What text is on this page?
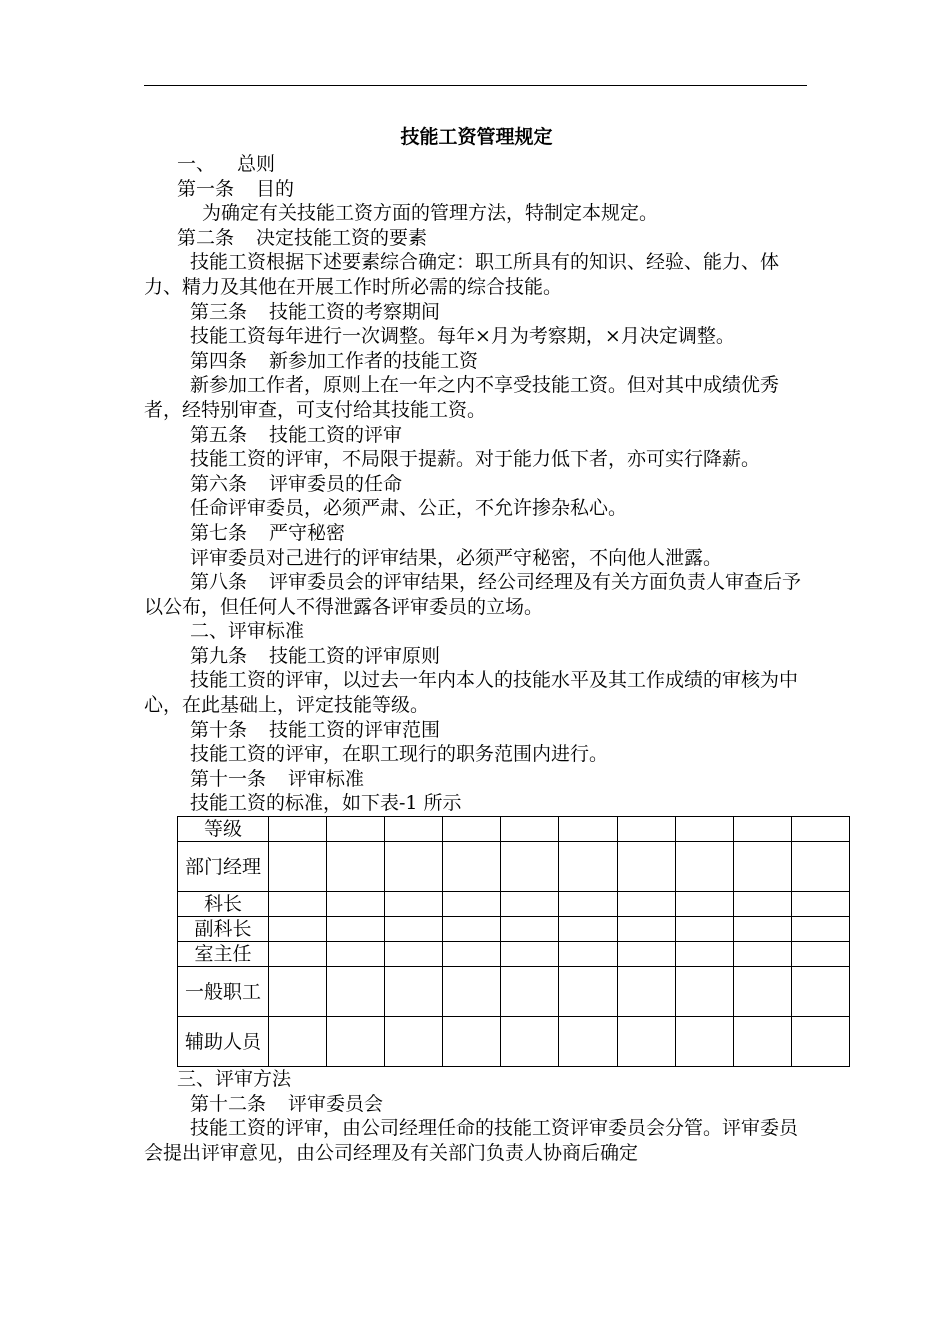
技能工资管理规定
一、 总则
第一条 目的
为确定有关技能工资方面的管理方法，特制定本规定。
第二条 决定技能工资的要素
技能工资根据下述要素综合确定：职工所具有的知识、经验、能力、体力、精力及其他在开展工作时所必需的综合技能。
第三条 技能工资的考察期间
技能工资每年进行一次调整。每年×月为考察期，×月决定调整。
第四条 新参加工作者的技能工资
新参加工作者，原则上在一年之内不享受技能工资。但对其中成绩优秀者，经特别审查，可支付给其技能工资。
第五条 技能工资的评审
技能工资的评审，不局限于提薪。对于能力低下者，亦可实行降薪。
第六条 评审委员的任命
任命评审委员，必须严肃、公正，不允许掺杂私心。
第七条 严守秘密
评审委员对己进行的评审结果，必须严守秘密，不向他人泄露。
第八条 评审委员会的评审结果，经公司经理及有关方面负责人审查后予以公布，但任何人不得泄露各评审委员的立场。
二、评审标准
第九条 技能工资的评审原则
技能工资的评审，以过去一年内本人的技能水平及其工作成绩的审核为中心，在此基础上，评定技能等级。
第十条 技能工资的评审范围
技能工资的评审，在职工现行的职务范围内进行。
第十一条 评审标准
技能工资的标准，如下表-1 所示
等级										
部门经理										
科长										
副科长										
室主任										
一般职工										
辅助人员										
三、评审方法
第十二条 评审委员会
技能工资的评审，由公司经理任命的技能工资评审委员会分管。评审委员会提出评审意见，由公司经理及有关部门负责人协商后确定
